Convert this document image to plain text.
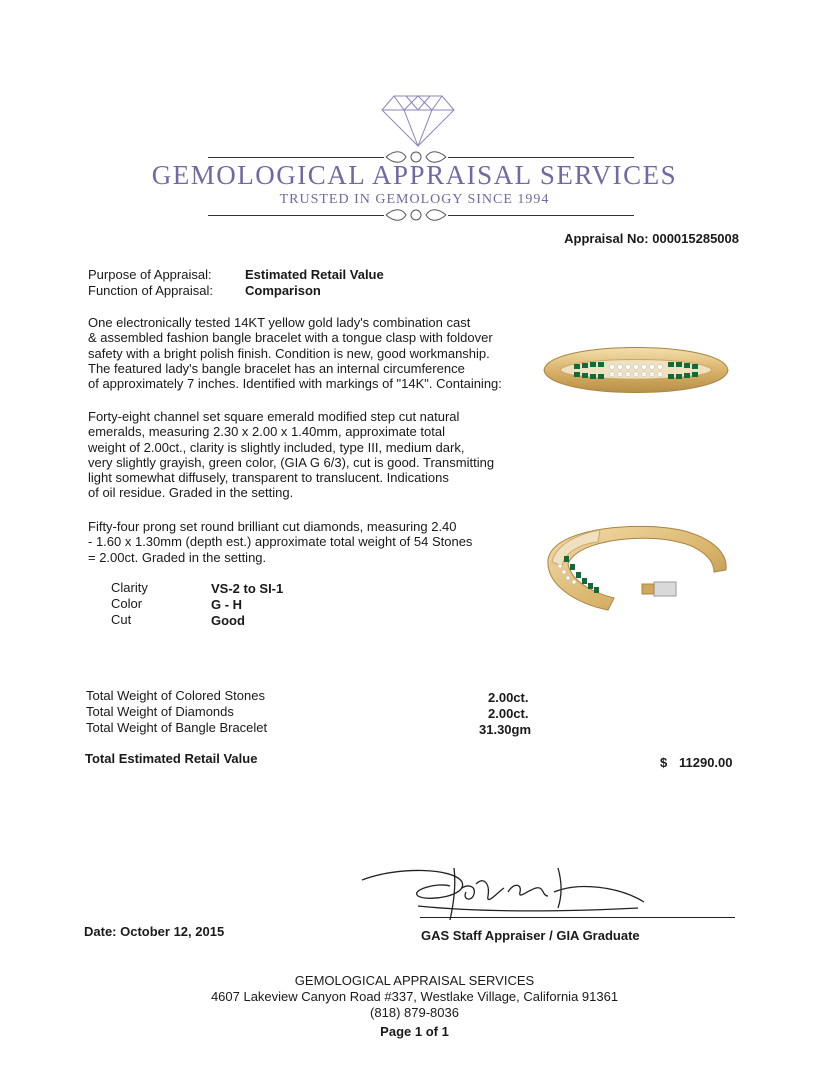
GEMOLOGICAL APPRAISAL SERVICES
TRUSTED IN GEMOLOGY SINCE 1994
Appraisal No: 000015285008
Purpose of Appraisal:	Estimated Retail Value
Function of Appraisal: Comparison
One electronically tested 14KT yellow gold lady's combination cast
& assembled fashion bangle bracelet with a tongue clasp with foldover
safety with a bright polish finish. Condition is new, good workmanship.
The featured lady's bangle bracelet has an internal circumference
of approximately 7 inches. Identified with markings of "14K". Containing:
Forty-eight channel set square emerald modified step cut natural
emeralds, measuring 2.30 x 2.00 x 1.40mm, approximate total
weight of 2.00ct., clarity is slightly included, type III, medium dark,
very slightly grayish, green color, (GIA G 6/3), cut is good. Transmitting
light somewhat diffusely, transparent to translucent. Indications
of oil residue. Graded in the setting.
Fifty-four prong set round brilliant cut diamonds, measuring 2.40
- 1.60 x 1.30mm (depth est.) approximate total weight of 54 Stones
= 2.00ct. Graded in the setting.
Clarity	VS-2 to SI-1
Color	G - H
Cut	Good
Total Weight of Colored Stones	2.00ct.
Total Weight of Diamonds	2.00ct.
Total Weight of Bangle Bracelet	31.30gm
Total Estimated Retail Value	$ 11290.00
GAS Staff Appraiser / GIA Graduate
Date: October 12, 2015
GEMOLOGICAL APPRAISAL SERVICES
4607 Lakeview Canyon Road #337, Westlake Village, California 91361
(818) 879-8036
Page 1 of 1
